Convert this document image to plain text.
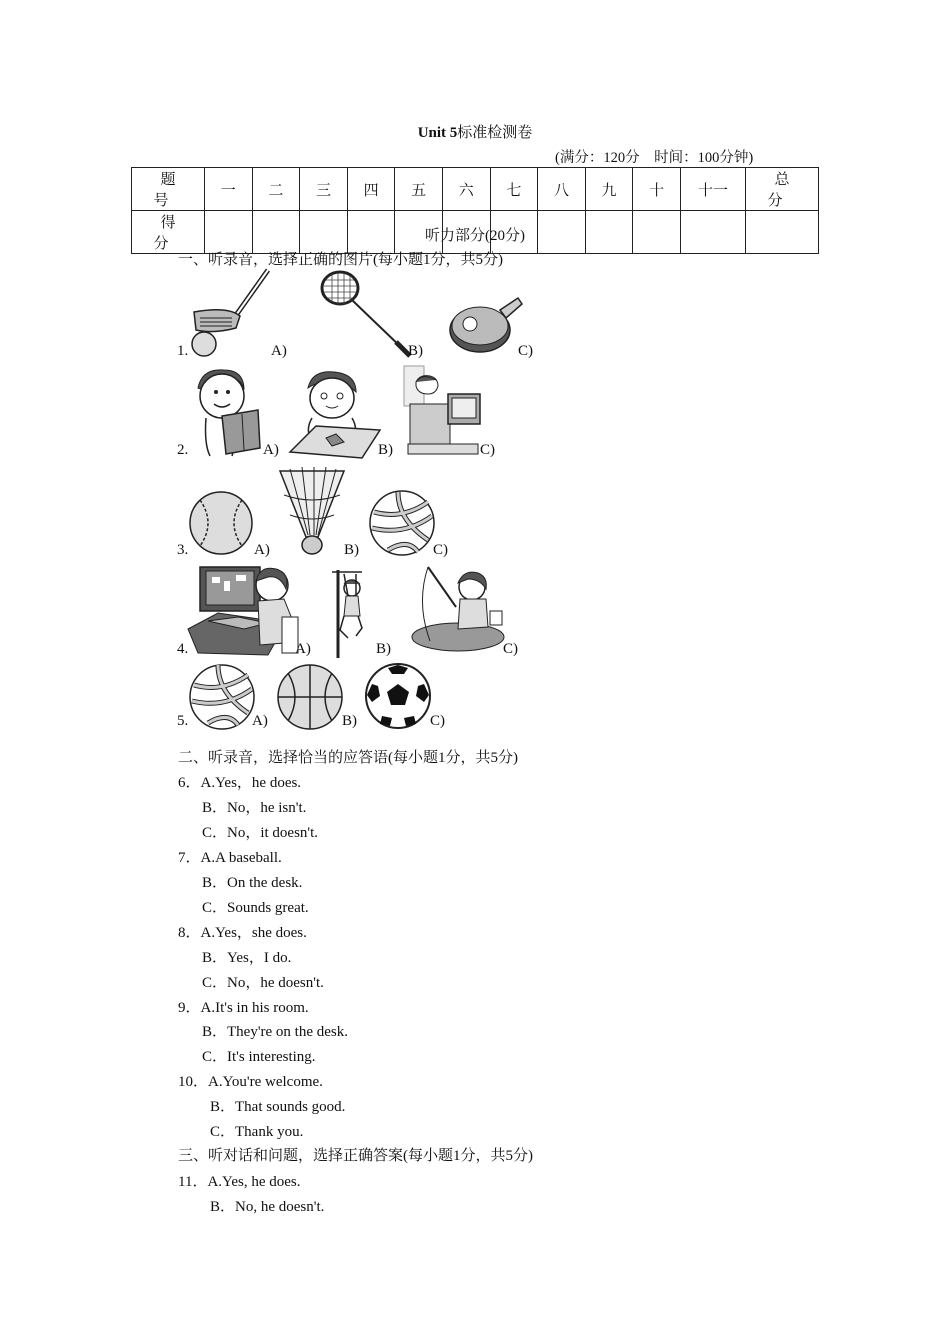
Unit 5标准检测卷
(满分：120分　时间：100分钟)
题　号	一	二	三	四	五	六	七	八	九	十	十一	总　分
得　分													听力部分(20分)
一、听录音，选择正确的图片(每小题1分，共5分)
1.	A)	B)	C)
2.	A)	B)	C)
3.	A)	B)	C)
4.	A)	B)	C)
5.	A)	B)	C)
二、听录音，选择恰当的应答语(每小题1分，共5分)
6．A.Yes，he does.
B．No，he isn't.
C．No，it doesn't.
7．A.A baseball.
B．On the desk.
C．Sounds great.
8．A.Yes，she does.
B．Yes，I do.
C．No，he doesn't.
9．A.It's in his room.
B．They're on the desk.
C．It's interesting.
10．A.You're welcome.
B．That sounds good.
C．Thank you.
三、听对话和问题，选择正确答案(每小题1分，共5分)
11．A.Yes, he does.
B．No, he doesn't.
